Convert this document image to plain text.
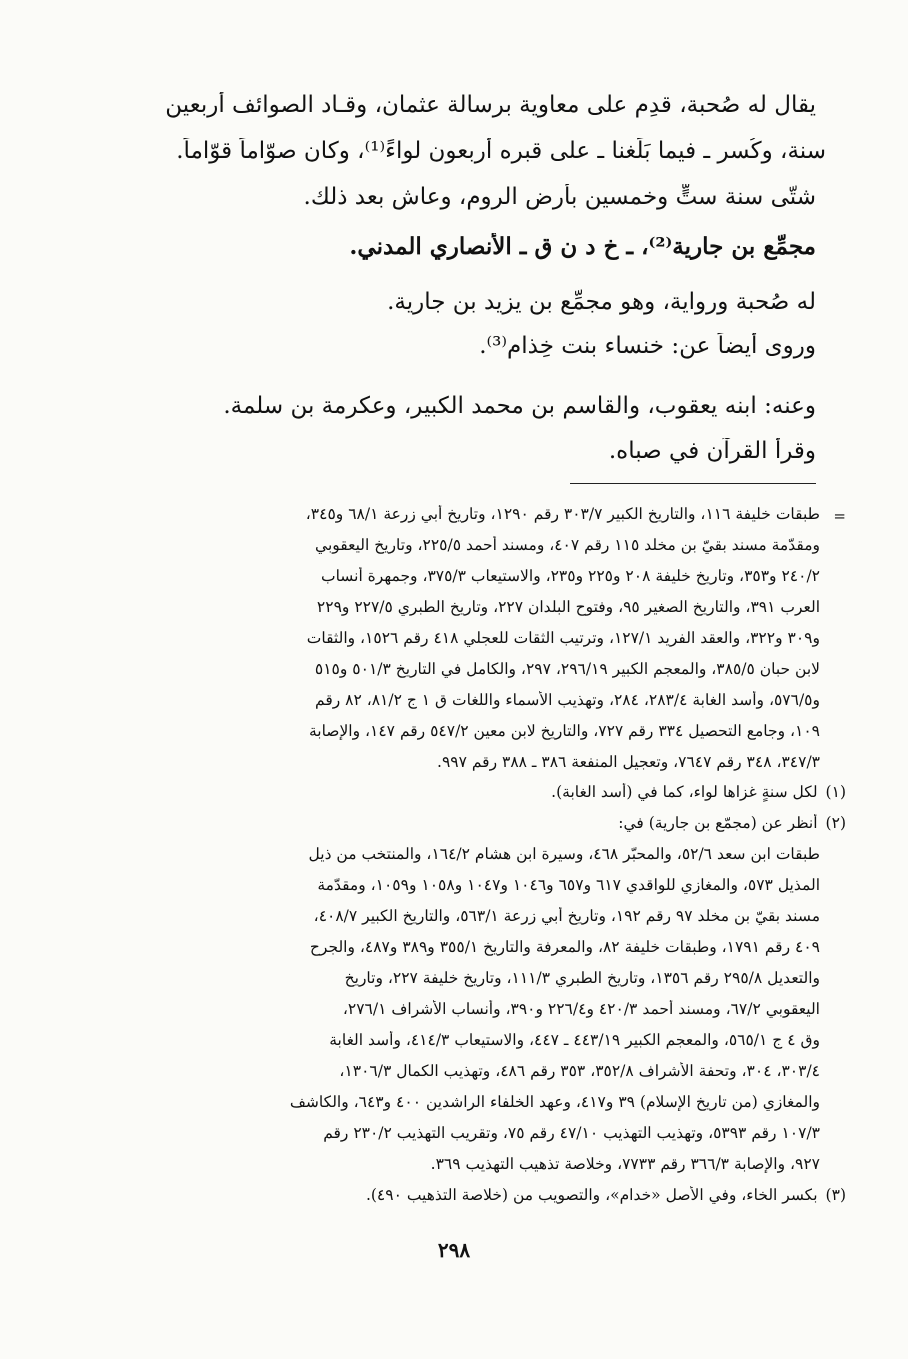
يقال له صُحبة، قدِم على معاوية برسالة عثمان، وقـاد الصوائف أربعين

سنة، وكُسر ـ فيما بَلَغنا ـ على قبره أربعون لواءً⁽¹⁾، وكان صوّاماً قوّاماً.

شتّى سنة ستٍّ وخمسين بأرض الروم، وعاش بعد ذلك.

مجمِّع بن جارية⁽²⁾، ـ خ د ن ق ـ الأنصاري المدني.

له صُحبة ورواية، وهو مجمِّع بن يزيد بن جارية.

وروى أيضاً عن: خنساء بنت خِذام⁽³⁾.

وعنه: ابنه يعقوب، والقاسم بن محمد الكبير، وعكرمة بن سلمة.

وقرأ القرآن في صباه.

=

طبقات خليفة ١١٦، والتاريخ الكبير ٣٠٣/٧ رقم ١٢٩٠، وتاريخ أبي زرعة ٦٨/١ و٣٤٥،

ومقدّمة مسند بقيّ بن مخلد ١١٥ رقم ٤٠٧، ومسند أحمد ٢٢٥/٥، وتاريخ اليعقوبي

٢٤٠/٢ و٣٥٣، وتاريخ خليفة ٢٠٨ و٢٢٥ و٢٣٥، والاستيعاب ٣٧٥/٣، وجمهرة أنساب

العرب ٣٩١، والتاريخ الصغير ٩٥، وفتوح البلدان ٢٢٧، وتاريخ الطبري ٢٢٧/٥ و٢٢٩

و٣٠٩ و٣٢٢، والعقد الفريد ١٢٧/١، وترتيب الثقات للعجلي ٤١٨ رقم ١٥٢٦، والثقات

لابن حبان ٣٨٥/٥، والمعجم الكبير ٢٩٦/١٩، ٢٩٧، والكامل في التاريخ ٥٠١/٣ و٥١٥

و٥٧٦/٥، وأسد الغابة ٢٨٣/٤، ٢٨٤، وتهذيب الأسماء واللغات ق ١ ج ٨١/٢، ٨٢ رقم

١٠٩، وجامع التحصيل ٣٣٤ رقم ٧٢٧، والتاريخ لابن معين ٥٤٧/٢ رقم ١٤٧، والإصابة

٣٤٧/٣، ٣٤٨ رقم ٧٦٤٧، وتعجيل المنفعة ٣٨٦ ـ ٣٨٨ رقم ٩٩٧.

(١)لكل سنةٍ غزاها لواء، كما في (أسد الغابة).

(٢)أنظر عن (مجمّع بن جارية) في:

طبقات ابن سعد ٥٢/٦، والمحبّر ٤٦٨، وسيرة ابن هشام ١٦٤/٢، والمنتخب من ذيل

المذيل ٥٧٣، والمغازي للواقدي ٦١٧ و٦٥٧ و١٠٤٦ و١٠٤٧ و١٠٥٨ و١٠٥٩، ومقدّمة

مسند بقيّ بن مخلد ٩٧ رقم ١٩٢، وتاريخ أبي زرعة ٥٦٣/١، والتاريخ الكبير ٤٠٨/٧،

٤٠٩ رقم ١٧٩١، وطبقات خليفة ٨٢، والمعرفة والتاريخ ٣٥٥/١ و٣٨٩ و٤٨٧، والجرح

والتعديل ٢٩٥/٨ رقم ١٣٥٦، وتاريخ الطبري ١١١/٣، وتاريخ خليفة ٢٢٧، وتاريخ

اليعقوبي ٦٧/٢، ومسند أحمد ٤٢٠/٣ و٢٢٦/٤ و٣٩٠، وأنساب الأشراف ٢٧٦/١،

وق ٤ ج ٥٦٥/١، والمعجم الكبير ٤٤٣/١٩ ـ ٤٤٧، والاستيعاب ٤١٤/٣، وأسد الغابة

٣٠٣/٤، ٣٠٤، وتحفة الأشراف ٣٥٢/٨، ٣٥٣ رقم ٤٨٦، وتهذيب الكمال ١٣٠٦/٣،

والمغازي (من تاريخ الإسلام) ٣٩ و٤١٧، وعهد الخلفاء الراشدين ٤٠٠ و٦٤٣، والكاشف

١٠٧/٣ رقم ٥٣٩٣، وتهذيب التهذيب ٤٧/١٠ رقم ٧٥، وتقريب التهذيب ٢٣٠/٢ رقم

٩٢٧، والإصابة ٣٦٦/٣ رقم ٧٧٣٣، وخلاصة تذهيب التهذيب ٣٦٩.

(٣)بكسر الخاء، وفي الأصل «خدام»، والتصويب من (خلاصة التذهيب ٤٩٠).

٢٩٨
